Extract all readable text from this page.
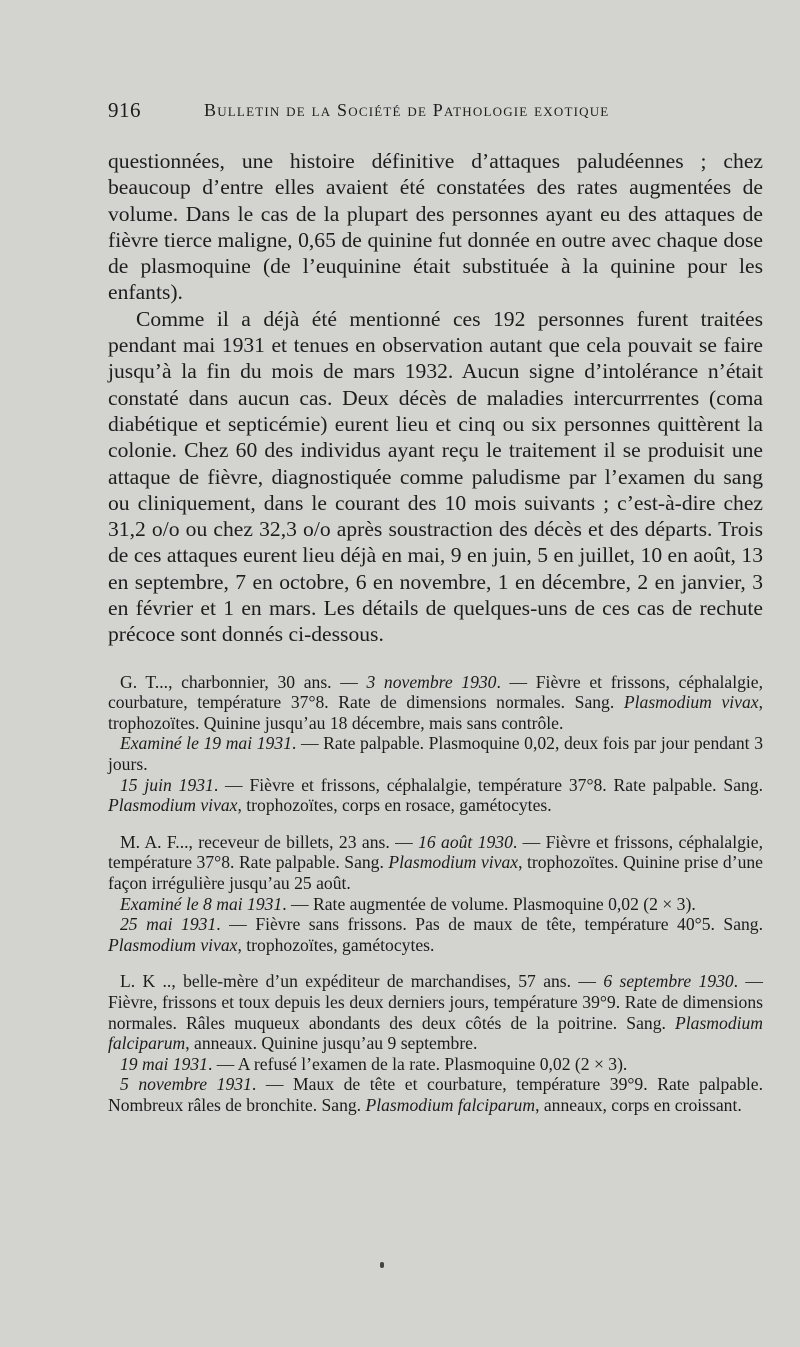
916	Bulletin de la Société de Pathologie exotique

questionnées, une histoire définitive d’attaques paludéennes ; chez beaucoup d’entre elles avaient été constatées des rates augmentées de volume. Dans le cas de la plupart des personnes ayant eu des attaques de fièvre tierce maligne, 0,65 de quinine fut donnée en outre avec chaque dose de plasmoquine (de l’euquinine était substituée à la quinine pour les enfants).

Comme il a déjà été mentionné ces 192 personnes furent traitées pendant mai 1931 et tenues en observation autant que cela pouvait se faire jusqu’à la fin du mois de mars 1932. Aucun signe d’intolérance n’était constaté dans aucun cas. Deux décès de maladies intercurrrentes (coma diabétique et septicémie) eurent lieu et cinq ou six personnes quittèrent la colonie. Chez 60 des individus ayant reçu le traitement il se produisit une attaque de fièvre, diagnostiquée comme paludisme par l’examen du sang ou cliniquement, dans le courant des 10 mois suivants ; c’est-à-dire chez 31,2 o/o ou chez 32,3 o/o après soustraction des décès et des départs. Trois de ces attaques eurent lieu déjà en mai, 9 en juin, 5 en juillet, 10 en août, 13 en septembre, 7 en octobre, 6 en novembre, 1 en décembre, 2 en janvier, 3 en février et 1 en mars. Les détails de quelques-uns de ces cas de rechute précoce sont donnés ci-dessous.

G. T..., charbonnier, 30 ans. — 3 novembre 1930. — Fièvre et frissons, céphalalgie, courbature, température 37°8. Rate de dimensions normales. Sang. Plasmodium vivax, trophozoïtes. Quinine jusqu’au 18 décembre, mais sans contrôle.

Examiné le 19 mai 1931. — Rate palpable. Plasmoquine 0,02, deux fois par jour pendant 3 jours.

15 juin 1931. — Fièvre et frissons, céphalalgie, température 37°8. Rate palpable. Sang. Plasmodium vivax, trophozoïtes, corps en rosace, gamétocytes.

M. A. F..., receveur de billets, 23 ans. — 16 août 1930. — Fièvre et frissons, céphalalgie, température 37°8. Rate palpable. Sang. Plasmodium vivax, trophozoïtes. Quinine prise d’une façon irrégulière jusqu’au 25 août.

Examiné le 8 mai 1931. — Rate augmentée de volume. Plasmoquine 0,02 (2 × 3).

25 mai 1931. — Fièvre sans frissons. Pas de maux de tête, température 40°5. Sang. Plasmodium vivax, trophozoïtes, gamétocytes.

L. K .., belle-mère d’un expéditeur de marchandises, 57 ans. — 6 septembre 1930. — Fièvre, frissons et toux depuis les deux derniers jours, température 39°9. Rate de dimensions normales. Râles muqueux abondants des deux côtés de la poitrine. Sang. Plasmodium falciparum, anneaux. Quinine jusqu’au 9 septembre.

19 mai 1931. — A refusé l’examen de la rate. Plasmoquine 0,02 (2 × 3).

5 novembre 1931. — Maux de tête et courbature, température 39°9. Rate palpable. Nombreux râles de bronchite. Sang. Plasmodium falciparum, anneaux, corps en croissant.
